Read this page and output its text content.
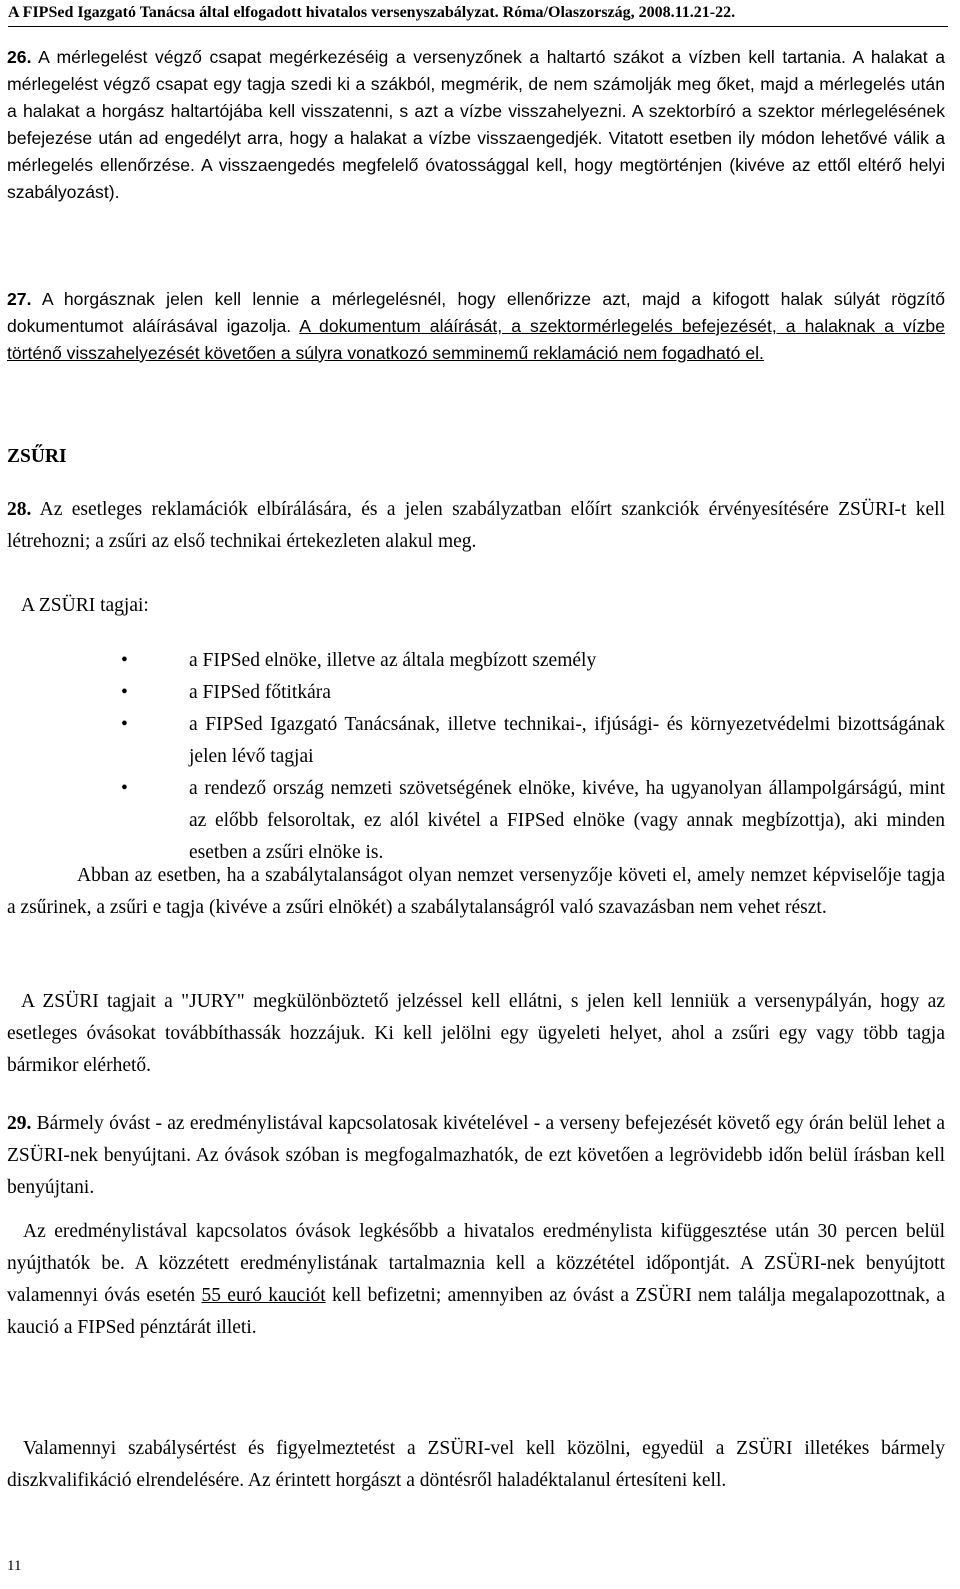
A FIPSed Igazgató Tanácsa által elfogadott hivatalos versenyszabályzat. Róma/Olaszország, 2008.11.21-22.

26. A mérlegelést végző csapat megérkezéséig a versenyzőnek a haltartó szákot a vízben kell tartania. A halakat a mérlegelést végző csapat egy tagja szedi ki a szákból, megmérik, de nem számolják meg őket, majd a mérlegelés után a halakat a horgász haltartójába kell visszatenni, s azt a vízbe visszahelyezni. A szektorbíró a szektor mérlegelésének befejezése után ad engedélyt arra, hogy a halakat a vízbe visszaengedjék. Vitatott esetben ily módon lehetővé válik a mérlegelés ellenőrzése. A visszaengedés megfelelő óvatossággal kell, hogy megtörténjen (kivéve az ettől eltérő helyi szabályozást).

27. A horgásznak jelen kell lennie a mérlegelésnél, hogy ellenőrizze azt, majd a kifogott halak súlyát rögzítő dokumentumot aláírásával igazolja. A dokumentum aláírását, a szektormérlegelés befejezését, a halaknak a vízbe történő visszahelyezését követően a súlyra vonatkozó semminemű reklamáció nem fogadható el.

ZSŰRI

28. Az esetleges reklamációk elbírálására, és a jelen szabályzatban előírt szankciók érvényesítésére ZSÜRI-t kell létrehozni; a zsűri az első technikai értekezleten alakul meg.

A ZSÜRI tagjai:

•	a FIPSed elnöke, illetve az általa megbízott személy
•	a FIPSed főtitkára
•	a FIPSed Igazgató Tanácsának, illetve technikai-, ifjúsági- és környezetvédelmi bizottságának jelen lévő tagjai
•	a rendező ország nemzeti szövetségének elnöke, kivéve, ha ugyanolyan állampolgárságú, mint az előbb felsoroltak, ez alól kivétel a FIPSed elnöke (vagy annak megbízottja), aki minden esetben a zsűri elnöke is.

Abban az esetben, ha a szabálytalanságot olyan nemzet versenyzője követi el, amely nemzet képviselője tagja a zsűrinek, a zsűri e tagja (kivéve a zsűri elnökét) a szabálytalanságról való szavazásban nem vehet részt.

A ZSÜRI tagjait a "JURY" megkülönböztető jelzéssel kell ellátni, s jelen kell lenniük a versenypályán, hogy az esetleges óvásokat továbbíthassák hozzájuk. Ki kell jelölni egy ügyeleti helyet, ahol a zsűri egy vagy több tagja bármikor elérhető.

29. Bármely óvást - az eredménylistával kapcsolatosak kivételével - a verseny befejezését követő egy órán belül lehet a ZSÜRI-nek benyújtani. Az óvások szóban is megfogalmazhatók, de ezt követően a legrövidebb időn belül írásban kell benyújtani.

Az eredménylistával kapcsolatos óvások legkésőbb a hivatalos eredménylista kifüggesztése után 30 percen belül nyújthatók be. A közzétett eredménylistának tartalmaznia kell a közzététel időpontját. A ZSÜRI-nek benyújtott valamennyi óvás esetén 55 euró kauciót kell befizetni; amennyiben az óvást a ZSÜRI nem találja megalapozottnak, a kaució a FIPSed pénztárát illeti.

Valamennyi szabálysértést és figyelmeztetést a ZSÜRI-vel kell közölni, egyedül a ZSÜRI illetékes bármely diszkvalifikáció elrendelésére. Az érintett horgászt a döntésről haladéktalanul értesíteni kell.

11
